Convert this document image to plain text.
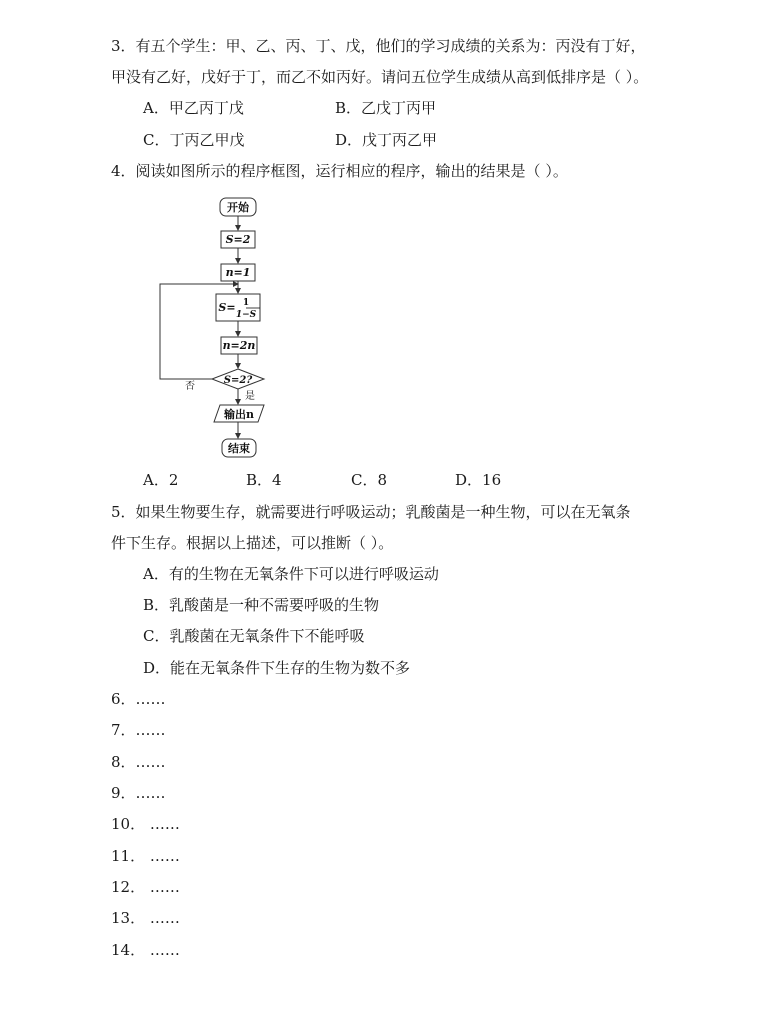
3．有五个学生：甲、乙、丙、丁、戊，他们的学习成绩的关系为：丙没有丁好，
甲没有乙好，戊好于丁，而乙不如丙好。请问五位学生成绩从高到低排序是（ ）。
A．甲乙丙丁戊	B．乙戊丁丙甲
C．丁丙乙甲戊	D．戊丁丙乙甲
4．阅读如图所示的程序框图，运行相应的程序，输出的结果是（ ）。
开始
S=2
n=1
S= 1
1−S
n=2n
S=2?
否
是
输出n
结束
A．2	B．4	C．8	D．16
5．如果生物要生存，就需要进行呼吸运动；乳酸菌是一种生物，可以在无氧条
件下生存。根据以上描述，可以推断（ ）。
A．有的生物在无氧条件下可以进行呼吸运动
B．乳酸菌是一种不需要呼吸的生物
C．乳酸菌在无氧条件下不能呼吸
D．能在无氧条件下生存的生物为数不多
6．……
7．……
8．……
9．……
10． ……
11． ……
12． ……
13． ……
14． ……
